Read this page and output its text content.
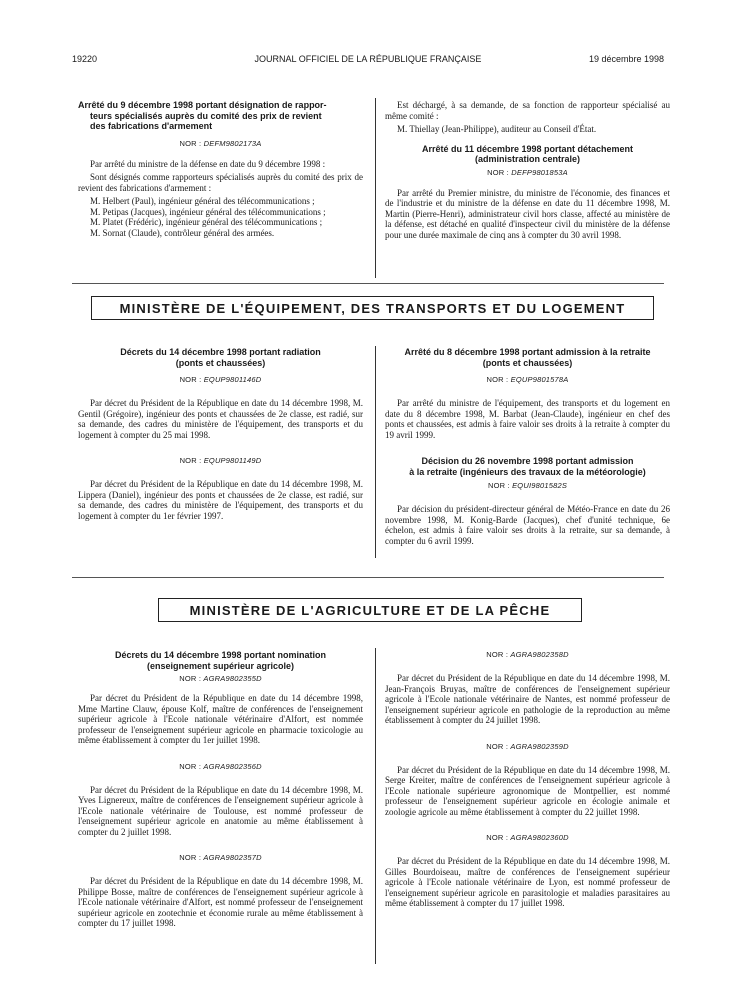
19220	JOURNAL OFFICIEL DE LA RÉPUBLIQUE FRANÇAISE	19 décembre 1998
Arrêté du 9 décembre 1998 portant désignation de rappor-
teurs spécialisés auprès du comité des prix de revient
des fabrications d'armement
NOR : DEFM9802173A

Par arrêté du ministre de la défense en date du 9 décembre 1998 :

Sont désignés comme rapporteurs spécialisés auprès du comité des prix de revient des fabrications d'armement :

M. Helbert (Paul), ingénieur général des télécommunications ;

M. Petipas (Jacques), ingénieur général des télécommunications ;

M. Platet (Frédéric), ingénieur général des télécommunications ;

M. Sornat (Claude), contrôleur général des armées.

Est déchargé, à sa demande, de sa fonction de rapporteur spécialisé au même comité :

M. Thiellay (Jean-Philippe), auditeur au Conseil d'État.

Arrêté du 11 décembre 1998 portant détachement
(administration centrale)
NOR : DEFP9801853A

Par arrêté du Premier ministre, du ministre de l'économie, des finances et de l'industrie et du ministre de la défense en date du 11 décembre 1998, M. Martin (Pierre-Henri), administrateur civil hors classe, affecté au ministère de la défense, est détaché en qualité d'inspecteur civil du ministère de la défense pour une durée maximale de cinq ans à compter du 30 avril 1998.

MINISTÈRE DE L'ÉQUIPEMENT, DES TRANSPORTS ET DU LOGEMENT
Décrets du 14 décembre 1998 portant radiation
(ponts et chaussées)
NOR : EQUP9801146D

Par décret du Président de la République en date du 14 décembre 1998, M. Gentil (Grégoire), ingénieur des ponts et chaussées de 2e classe, est radié, sur sa demande, des cadres du ministère de l'équipement, des transports et du logement à compter du 25 mai 1998.

NOR : EQUP9801149D

Par décret du Président de la République en date du 14 décembre 1998, M. Lippera (Daniel), ingénieur des ponts et chaussées de 2e classe, est radié, sur sa demande, des cadres du ministère de l'équipement, des transports et du logement à compter du 1er février 1997.

Arrêté du 8 décembre 1998 portant admission à la retraite
(ponts et chaussées)
NOR : EQUP9801578A

Par arrêté du ministre de l'équipement, des transports et du logement en date du 8 décembre 1998, M. Barbat (Jean-Claude), ingénieur en chef des ponts et chaussées, est admis à faire valoir ses droits à la retraite à compter du 19 avril 1999.

Décision du 26 novembre 1998 portant admission
à la retraite (ingénieurs des travaux de la météorologie)
NOR : EQUI9801582S

Par décision du président-directeur général de Météo-France en date du 26 novembre 1998, M. Konig-Barde (Jacques), chef d'unité technique, 6e échelon, est admis à faire valoir ses droits à la retraite, sur sa demande, à compter du 6 avril 1999.

MINISTÈRE DE L'AGRICULTURE ET DE LA PÊCHE
Décrets du 14 décembre 1998 portant nomination
(enseignement supérieur agricole)
NOR : AGRA9802355D

Par décret du Président de la République en date du 14 décembre 1998, Mme Martine Clauw, épouse Kolf, maître de conférences de l'enseignement supérieur agricole à l'Ecole nationale vétérinaire d'Alfort, est nommée professeur de l'enseignement supérieur agricole en pharmacie toxicologie au même établissement à compter du 1er juillet 1998.

NOR : AGRA9802356D

Par décret du Président de la République en date du 14 décembre 1998, M. Yves Lignereux, maître de conférences de l'enseignement supérieur agricole à l'Ecole nationale vétérinaire de Toulouse, est nommé professeur de l'enseignement supérieur agricole en anatomie au même établissement à compter du 2 juillet 1998.

NOR : AGRA9802357D

Par décret du Président de la République en date du 14 décembre 1998, M. Philippe Bosse, maître de conférences de l'enseignement supérieur agricole à l'Ecole nationale vétérinaire d'Alfort, est nommé professeur de l'enseignement supérieur agricole en zootechnie et économie rurale au même établissement à compter du 17 juillet 1998.

NOR : AGRA9802358D

Par décret du Président de la République en date du 14 décembre 1998, M. Jean-François Bruyas, maître de conférences de l'enseignement supérieur agricole à l'Ecole nationale vétérinaire de Nantes, est nommé professeur de l'enseignement supérieur agricole en pathologie de la reproduction au même établissement à compter du 24 juillet 1998.

NOR : AGRA9802359D

Par décret du Président de la République en date du 14 décembre 1998, M. Serge Kreiter, maître de conférences de l'enseignement supérieur agricole à l'Ecole nationale supérieure agronomique de Montpellier, est nommé professeur de l'enseignement supérieur agricole en écologie animale et zoologie agricole au même établissement à compter du 22 juillet 1998.

NOR : AGRA9802360D

Par décret du Président de la République en date du 14 décembre 1998, M. Gilles Bourdoiseau, maître de conférences de l'enseignement supérieur agricole à l'Ecole nationale vétérinaire de Lyon, est nommé professeur de l'enseignement supérieur agricole en parasitologie et maladies parasitaires au même établissement à compter du 17 juillet 1998.
